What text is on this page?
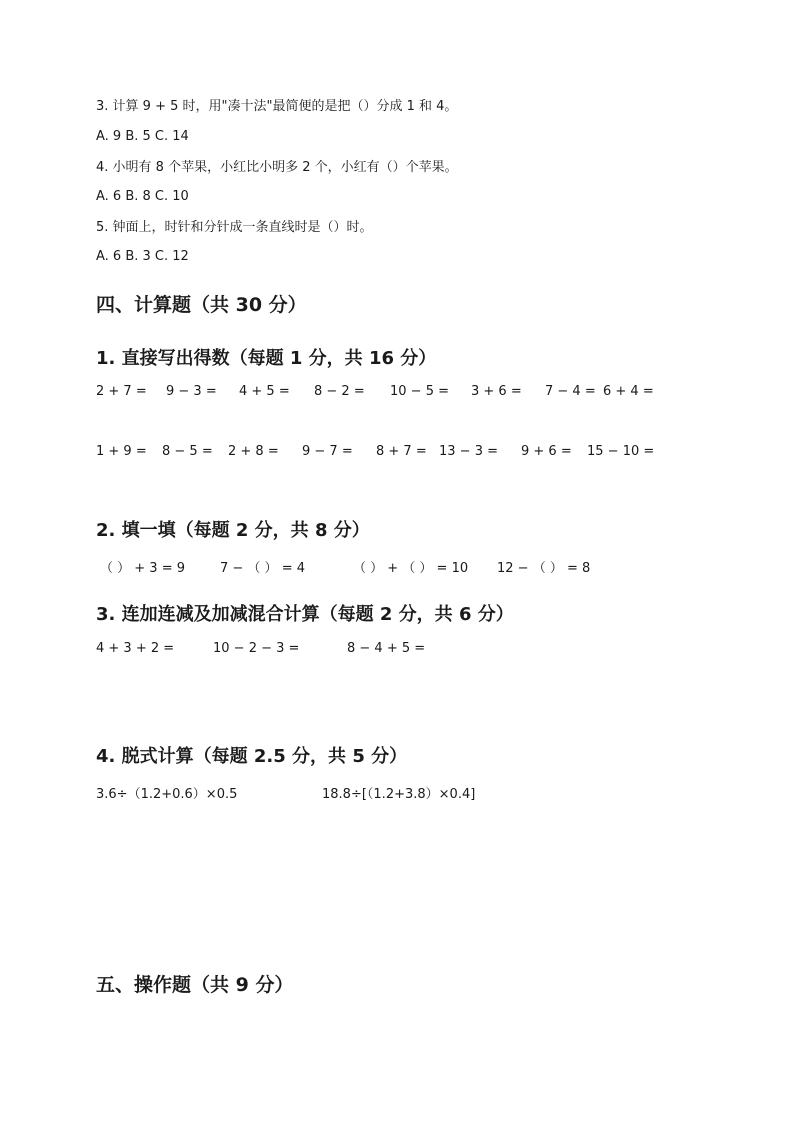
3. 计算 9 + 5 时，用"凑十法"最简便的是把（）分成 1 和 4。
A. 9 B. 5 C. 14
4. 小明有 8 个苹果，小红比小明多 2 个，小红有（）个苹果。
A. 6 B. 8 C. 10
5. 钟面上，时针和分针成一条直线时是（）时。
A. 6 B. 3 C. 12
四、计算题（共 30 分）
1. 直接写出得数（每题 1 分，共 16 分）
2 + 7 = 9 − 3 = 4 + 5 = 8 − 2 = 10 − 5 = 3 + 6 = 7 − 4 = 6 + 4 =
1 + 9 = 8 − 5 = 2 + 8 = 9 − 7 = 8 + 7 = 13 − 3 = 9 + 6 = 15 − 10 =
2. 填一填（每题 2 分，共 8 分）
（ ） + 3 = 9	7 − （ ） = 4	（ ） + （ ） = 10 12 − （ ） = 8
3. 连加连减及加减混合计算（每题 2 分，共 6 分）
4 + 3 + 2 =	10 − 2 − 3 =	8 − 4 + 5 =
4. 脱式计算（每题 2.5 分，共 5 分）
3.6÷（1.2+0.6）×0.5	18.8÷[（1.2+3.8）×0.4]
五、操作题（共 9 分）
